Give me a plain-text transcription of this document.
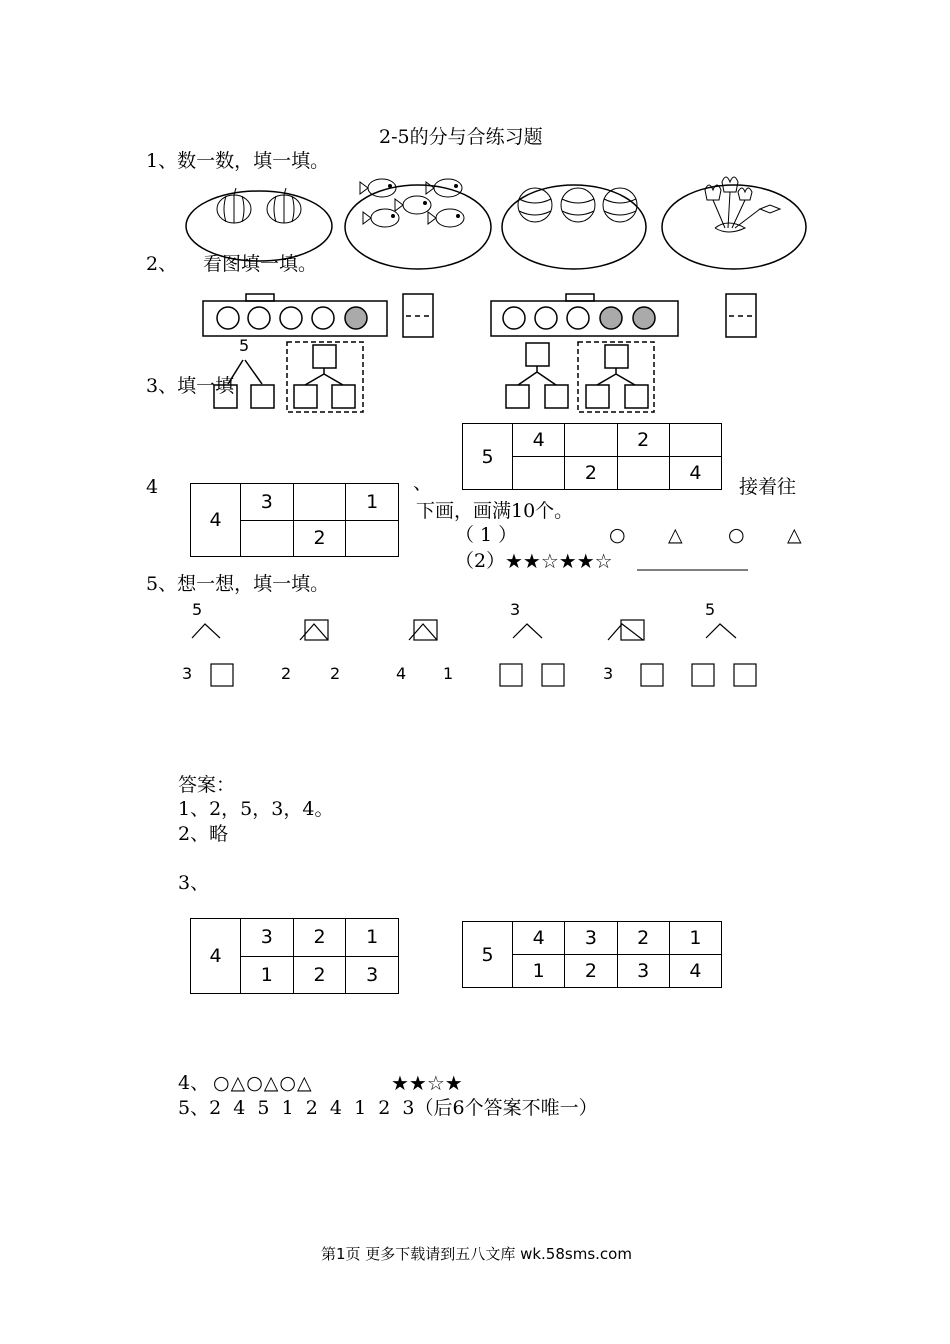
2-5的分与合练习题
1、数一数，填一填。
2、 看图填一填。
5
3、填一填
5	4		2	
		2		4
4	3		1
		2	
4	、	接着往
下画，画满10个。
（ 1 ）	○ △ ○ △
（2） ★★☆★★☆
5、想一想，填一填。
5	3	5
3	2 2	4 1	3
答案：
1、2，5，3，4。
2、略
3、
4	3	2	1
	1	2	3
5	4	3	2	1
	1	2	3	4
4、 ○△○△○△	★★☆★
5、2  4  5  1  2  4  1  2  3（后6个答案不唯一）
第1页 更多下载请到五八文库 wk.58sms.com
